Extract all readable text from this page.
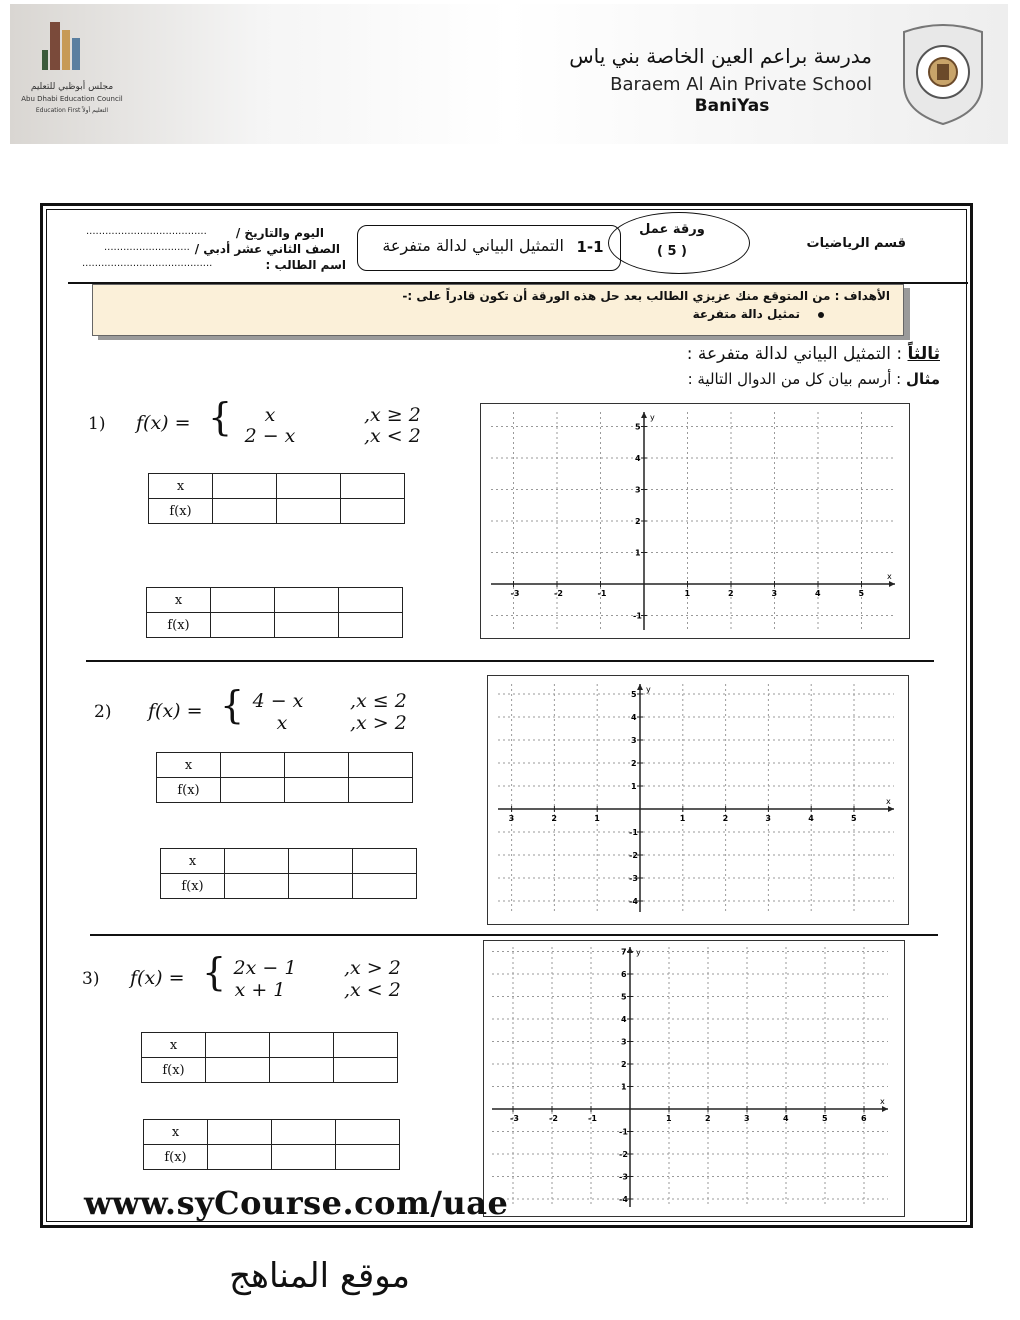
مجلس أبوظبي للتعليم
Abu Dhabi Education Council
Education First التعليم أولاً
مدرسة براعم العين الخاصة بني ياس
Baraem Al Ain Private School
BaniYas
قسم الرياضيات
ورقة عمل
( 5 )
1-1
التمثيل البياني لدالة متفرعة
اليوم والتاريخ /
......................................
الصف الثاني عشر أدبي /
...........................
اسم الطالب :
.........................................
الأهداف : من المتوقع منك عزيزي الطالب بعد حل هذه الورقة أن تكون قادراً على :-
تمثيل دالة متفرعة
ثالثاً : التمثيل البياني لدالة متفرعة :
مثال : أرسم بيان كل من الدوال التالية :
1) f(x) = {	x
2 − x
,x ≥ 2
,x < 2
x			
f(x)			
x			
f(x)			
x
y
-3	-2	-1	1	2	3	4	5
5
4
3
2
1
-1
2) f(x) = { 4 − x
x
,x ≤ 2
,x > 2
x			
f(x)			
x			
f(x)			
x
y
3	2	1	1	2	3	4	5
5
4
3
2
1
-1
-2
-3
-4
3) f(x) = { 2x − 1
x + 1
,x > 2
,x < 2
x			
f(x)			
x			
f(x)			
x
y
-3	-2	-1	1	2	3	4	5	6
7
6
5
4
3
2
1
-1
-2
-3
-4
www.syCourse.com/uae
موقع المناهج
